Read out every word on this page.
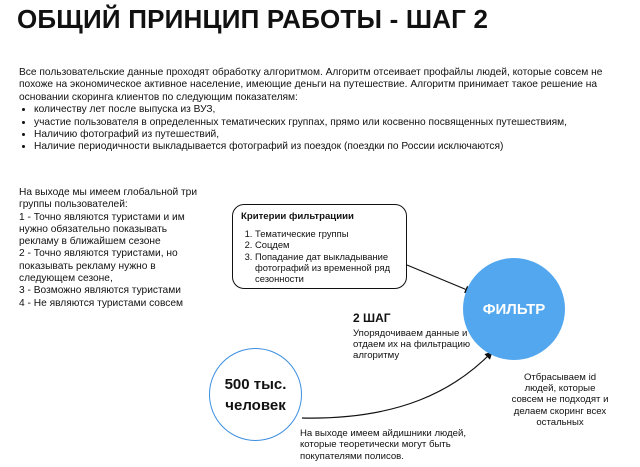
ОБЩИЙ ПРИНЦИП РАБОТЫ - ШАГ 2

Все пользовательские данные проходят обработку алгоритмом. Алгоритм отсеивает профайлы людей, которые совсем не похоже на экономическое активное население, имеющие деньги на путешествие. Алгоритм принимает такое решение на основании скоринга клиентов по следующим показателям:

• количеству лет после выпуска из ВУЗ,
• участие пользователя в определенных тематических группах, прямо или косвенно посвященных путешествиям,
• Наличию фотографий из путешествий,
• Наличие периодичности выкладывается фотографий из поездок (поездки по России исключаются)

На выходе мы имеем глобальной три группы пользователей:

1 - Точно являются туристами и им нужно обязательно показывать рекламу в ближайшем сезоне

2 - Точно являются туристами, но показывать рекламу нужно в следующем сезоне,

3 - Возможно являются туристами

4 - Не являются туристами совсем

Критерии фильтрациии
1. Тематические группы
2. Соцдем
3. Попадание дат выкладывание фотографий из временной ряд сезонности
ФИЛЬТР
500 тыс.
человек
2 ШАГ
Упорядочиваем данные и отдаем их на фильтрацию алгоритму
Отбрасываем id людей, которые совсем не подходят и делаем скоринг всех остальных
На выходе имеем айдишники людей, которые теоретически могут быть покупателями полисов.
